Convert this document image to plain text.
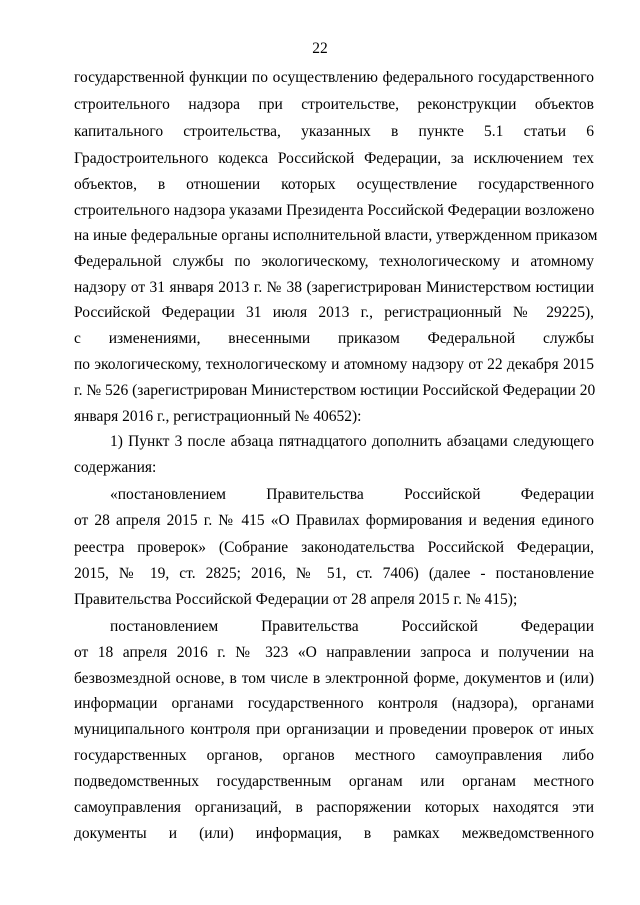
22
государственной функции по осуществлению федерального государственного
строительного надзора при строительстве, реконструкции объектов
капитального строительства, указанных в пункте 5.1 статьи 6
Градостроительного кодекса Российской Федерации, за исключением тех
объектов, в отношении которых осуществление государственного
строительного надзора указами Президента Российской Федерации возложено
на иные федеральные органы исполнительной власти, утвержденном приказом
Федеральной службы по экологическому, технологическому и атомному
надзору от 31 января 2013 г. № 38 (зарегистрирован Министерством юстиции
Российской Федерации 31 июля 2013 г., регистрационный № 29225),
с изменениями, внесенными приказом Федеральной службы
по экологическому, технологическому и атомному надзору от 22 декабря 2015
г. № 526 (зарегистрирован Министерством юстиции Российской Федерации 20
января 2016 г., регистрационный № 40652):
1) Пункт 3 после абзаца пятнадцатого дополнить абзацами следующего
содержания:
«постановлением Правительства Российской Федерации
от 28 апреля 2015 г. № 415 «О Правилах формирования и ведения единого
реестра проверок» (Собрание законодательства Российской Федерации,
2015, № 19, ст. 2825; 2016, № 51, ст. 7406) (далее - постановление
Правительства Российской Федерации от 28 апреля 2015 г. № 415);
постановлением Правительства Российской Федерации
от 18 апреля 2016 г. № 323 «О направлении запроса и получении на
безвозмездной основе, в том числе в электронной форме, документов и (или)
информации органами государственного контроля (надзора), органами
муниципального контроля при организации и проведении проверок от иных
государственных органов, органов местного самоуправления либо
подведомственных государственным органам или органам местного
самоуправления организаций, в распоряжении которых находятся эти
документы и (или) информация, в рамках межведомственного
